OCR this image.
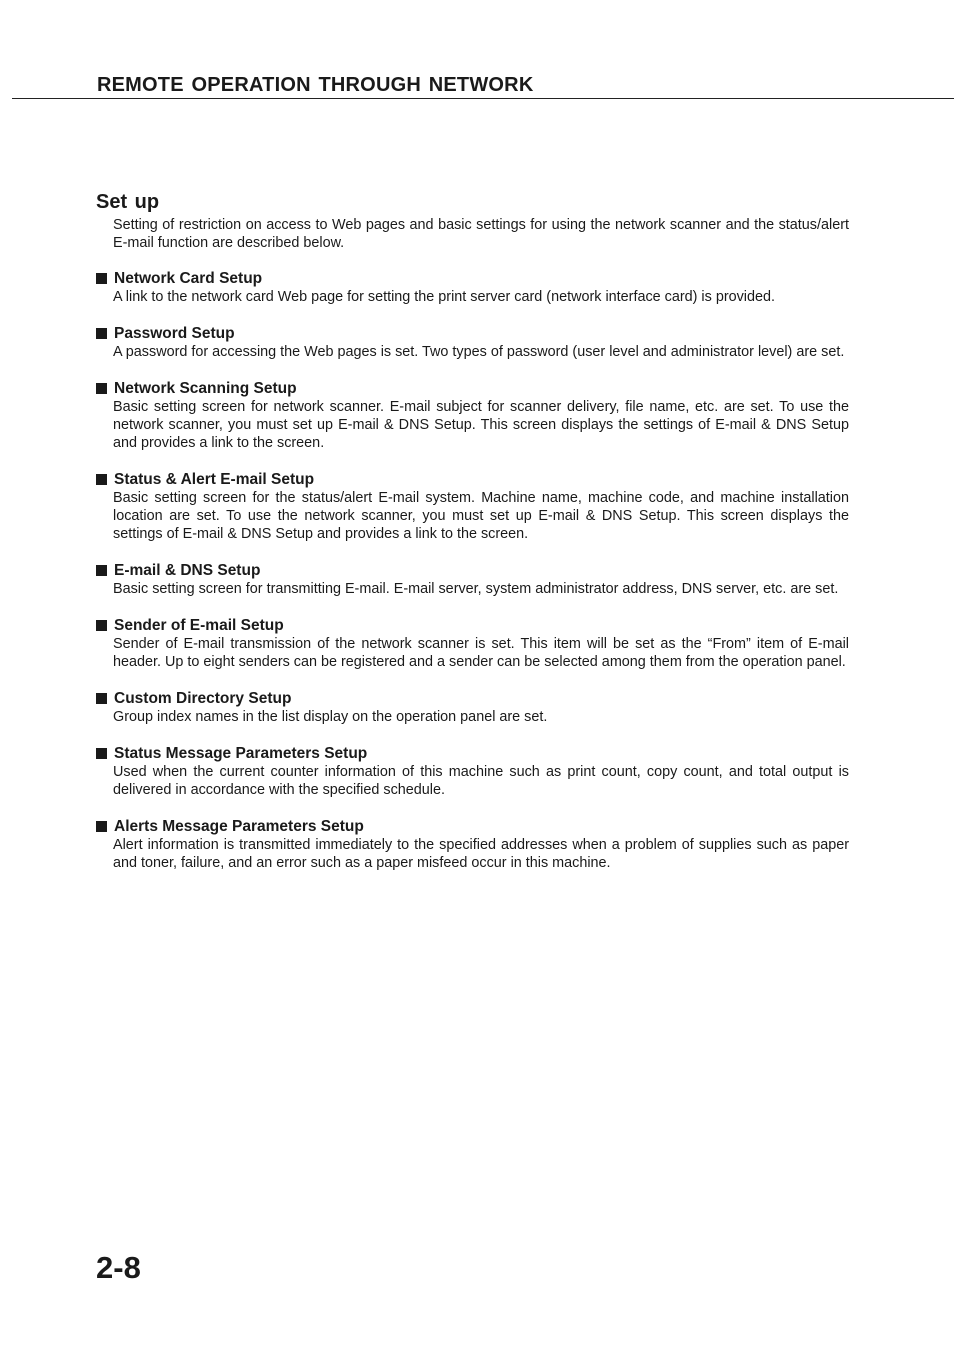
REMOTE OPERATION THROUGH NETWORK
Set up

Setting of restriction on access to Web pages and basic settings for using the network scanner and the status/alert E-mail function are described below.

Network Card Setup
A link to the network card Web page for setting the print server card (network interface card) is provided.
Password Setup
A password for accessing the Web pages is set. Two types of password (user level and administrator level) are set.
Network Scanning Setup
Basic setting screen for network scanner. E-mail subject for scanner delivery, file name, etc. are set. To use the network scanner, you must set up E-mail & DNS Setup. This screen displays the settings of E-mail & DNS Setup and provides a link to the screen.
Status & Alert E-mail Setup
Basic setting screen for the status/alert E-mail system. Machine name, machine code, and machine installation location are set. To use the network scanner, you must set up E-mail & DNS Setup. This screen displays the settings of E-mail & DNS Setup and provides a link to the screen.
E-mail & DNS Setup
Basic setting screen for transmitting E-mail. E-mail server, system administrator address, DNS server, etc. are set.
Sender of E-mail Setup
Sender of E-mail transmission of the network scanner is set. This item will be set as the “From” item of E-mail header. Up to eight senders can be registered and a sender can be selected among them from the operation panel.
Custom Directory Setup
Group index names in the list display on the operation panel are set.
Status Message Parameters Setup
Used when the current counter information of this machine such as print count, copy count, and total output is delivered in accordance with the specified schedule.
Alerts Message Parameters Setup
Alert information is transmitted immediately to the specified addresses when a problem of supplies such as paper and toner, failure, and an error such as a paper misfeed occur in this machine.
2-8
